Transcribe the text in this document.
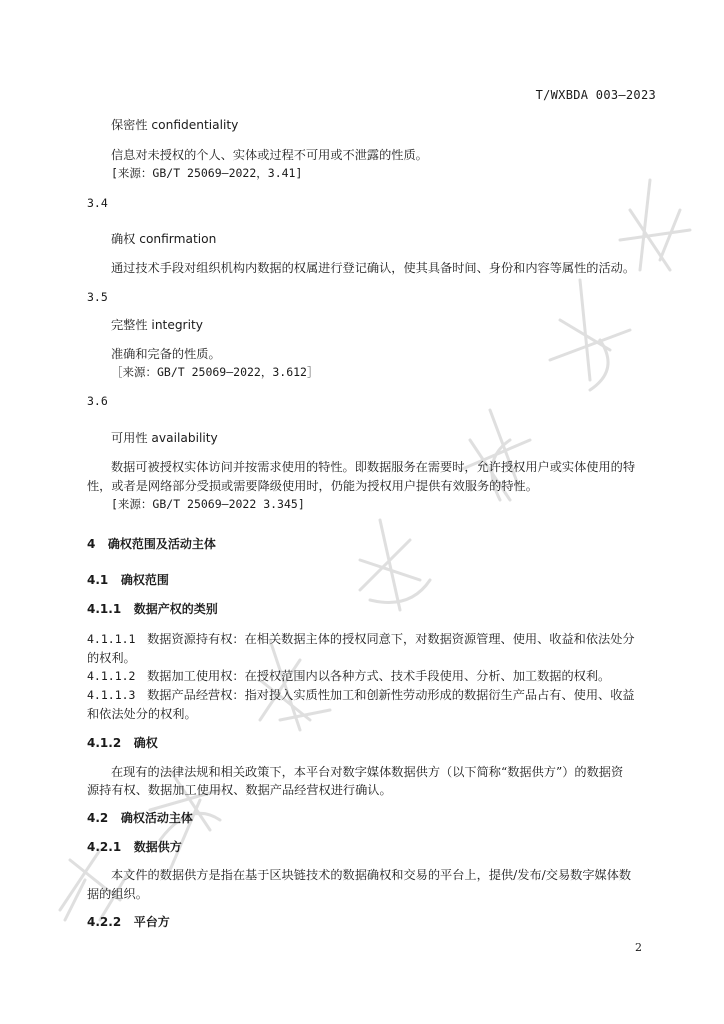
T/WXBDA 003—2023
保密性 confidentiality
信息对未授权的个人、实体或过程不可用或不泄露的性质。
[来源：GB/T 25069—2022，3.41]
3.4
确权 confirmation
通过技术手段对组织机构内数据的权属进行登记确认，使其具备时间、身份和内容等属性的活动。
3.5
完整性 integrity
准确和完备的性质。
［来源：GB/T 25069—2022，3.612］
3.6
可用性 availability
数据可被授权实体访问并按需求使用的特性。即数据服务在需要时，允许授权用户或实体使用的特
性，或者是网络部分受损或需要降级使用时，仍能为授权用户提供有效服务的特性。
[来源：GB/T 25069—2022 3.345]
4 确权范围及活动主体
4.1 确权范围
4.1.1 数据产权的类别
4.1.1.1 数据资源持有权：在相关数据主体的授权同意下，对数据资源管理、使用、收益和依法处分
的权利。
4.1.1.2 数据加工使用权：在授权范围内以各种方式、技术手段使用、分析、加工数据的权利。
4.1.1.3 数据产品经营权：指对投入实质性加工和创新性劳动形成的数据衍生产品占有、使用、收益
和依法处分的权利。
4.1.2 确权
在现有的法律法规和相关政策下，本平台对数字媒体数据供方（以下简称“数据供方”）的数据资
源持有权、数据加工使用权、数据产品经营权进行确认。
4.2 确权活动主体
4.2.1 数据供方
本文件的数据供方是指在基于区块链技术的数据确权和交易的平台上，提供/发布/交易数字媒体数
据的组织。
4.2.2 平台方
2
